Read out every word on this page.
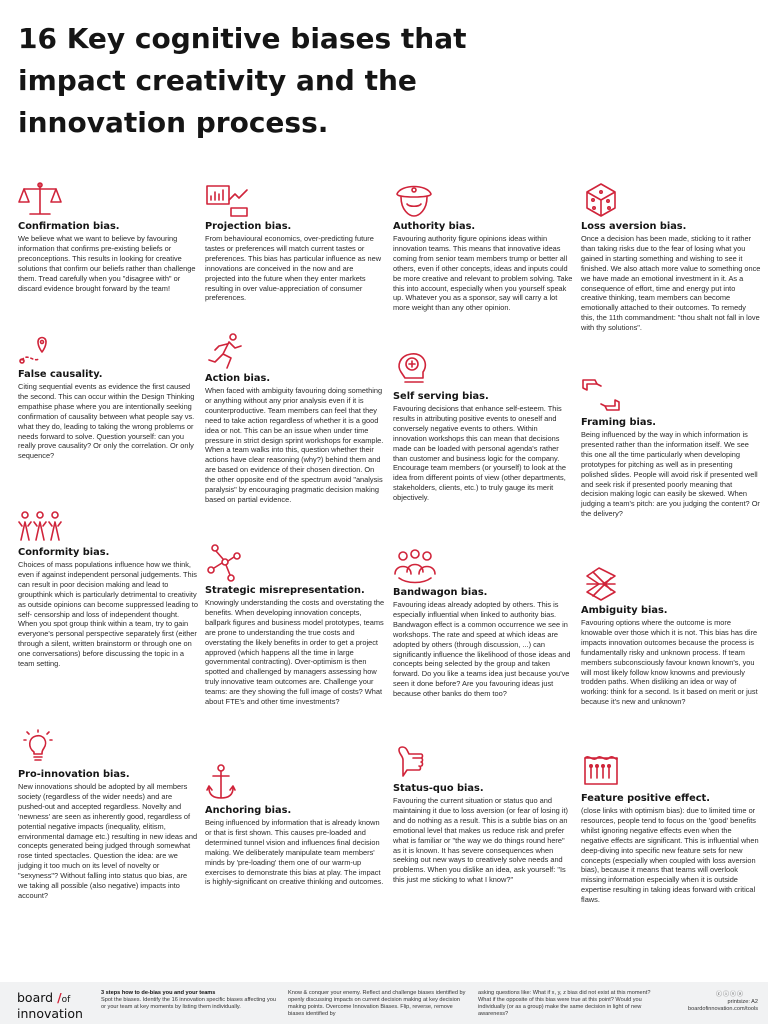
16 Key cognitive biases that impact creativity and the innovation process.
Confirmation bias.

We believe what we want to believe by favouring information that confirms pre-existing beliefs or preconceptions. This results in looking for creative solutions that confirm our beliefs rather than challenge them. Tread carefully when you "disagree with" or discard evidence brought forward by the team!

False causality.

Citing sequential events as evidence the first caused the second. This can occur within the Design Thinking empathise phase where you are intentionally seeking confirmation of causality between what people say vs. what they do, leading to taking the wrong problems or needs forward to solve. Question yourself: can you really prove causality? Or only the correlation. Or only sequence?

Conformity bias.

Choices of mass populations influence how we think, even if against independent personal judgements. This can result in poor decision making and lead to groupthink which is particularly detrimental to creativity as outside opinions can become suppressed leading to self- censorship and loss of independent thought. When you spot group think within a team, try to gain everyone's personal perspective separately first (either through a silent, written brainstorm or through one on one conversations) before discussing the topic in a team setting.

Pro-innovation bias.

New innovations should be adopted by all members society (regardless of the wider needs) and are pushed-out and accepted regardless. Novelty and 'newness' are seen as inherently good, regardless of potential negative impacts (inequality, elitism, environmental damage etc.) resulting in new ideas and concepts generated being judged through somewhat rose tinted spectacles. Question the idea: are we judging it too much on its level of novelty or "sexyness"? Without falling into status quo bias, are we taking all possible (also negative) impacts into account?

Projection bias.

From behavioural economics, over-predicting future tastes or preferences will match current tastes or preferences. This bias has particular influence as new innovations are conceived in the now and are projected into the future when they enter markets resulting in over value-appreciation of consumer preferences.

Action bias.

When faced with ambiguity favouring doing something or anything without any prior analysis even if it is counterproductive. Team members can feel that they need to take action regardless of whether it is a good idea or not. This can be an issue when under time pressure in strict design sprint workshops for example. When a team walks into this, question whether their actions have clear reasoning (why?) behind them and are based on evidence of their chosen direction. On the other opposite end of the spectrum avoid "analysis paralysis" by encouraging pragmatic decision making based on partial evidence.

Strategic misrepresentation.

Knowingly understanding the costs and overstating the benefits. When developing innovation concepts, ballpark figures and business model prototypes, teams are prone to understanding the true costs and overstating the likely benefits in order to get a project approved (which happens all the time in large governmental contracting). Over-optimism is then spotted and challenged by managers assessing how truly innovative team outcomes are. Challenge your teams: are they showing the full image of costs? What about FTE's and other time investments?

Anchoring bias.

Being influenced by information that is already known or that is first shown. This causes pre-loaded and determined tunnel vision and influences final decision making. We deliberately manipulate team members' minds by 'pre-loading' them one of our warm-up exercises to demonstrate this bias at play. The impact is highly-significant on creative thinking and outcomes.

Authority bias.

Favouring authority figure opinions ideas within innovation teams. This means that innovative ideas coming from senior team members trump or better all others, even if other concepts, ideas and inputs could be more creative and relevant to problem solving. Take this into account, especially when you yourself speak up. Whatever you as a sponsor, say will carry a lot more weight than any other opinion.

Self serving bias.

Favouring decisions that enhance self-esteem. This results in attributing positive events to oneself and conversely negative events to others. Within innovation workshops this can mean that decisions made can be loaded with personal agenda's rather than customer and business logic for the company. Encourage team members (or yourself) to look at the idea from different points of view (other departments, stakeholders, clients, etc.) to truly gauge its merit objectively.

Bandwagon bias.

Favouring ideas already adopted by others. This is especially influential when linked to authority bias. Bandwagon effect is a common occurrence we see in workshops. The rate and speed at which ideas are adopted by others (through discussion, ...) can significantly influence the likelihood of those ideas and concepts being selected by the group and taken forward. Do you like a teams idea just because you've seen it done before? Are you favouring ideas just because other banks do them too?

Status-quo bias.

Favouring the current situation or status quo and maintaining it due to loss aversion (or fear of losing it) and do nothing as a result. This is a subtle bias on an emotional level that makes us reduce risk and prefer what is familiar or "the way we do things round here" as it is known. It has severe consequences when seeking out new ways to creatively solve needs and problems. When you dislike an idea, ask yourself: "Is this just me sticking to what I know?"

Loss aversion bias.

Once a decision has been made, sticking to it rather than taking risks due to the fear of losing what you gained in starting something and wishing to see it finished. We also attach more value to something once we have made an emotional investment in it. As a consequence of effort, time and energy put into creative thinking, team members can become emotionally attached to their outcomes. To remedy this, the 11th commandment: "thou shalt not fall in love with thy solutions".

Framing bias.

Being influenced by the way in which information is presented rather than the information itself. We see this one all the time particularly when developing prototypes for pitching as well as in presenting polished slides. People will avoid risk if presented well and seek risk if presented poorly meaning that decision making logic can easily be skewed. When judging a team's pitch: are you judging the content? Or the delivery?

Ambiguity bias.

Favouring options where the outcome is more knowable over those which it is not. This bias has dire impacts innovation outcomes because the process is fundamentally risky and unknown process. If team members subconsciously favour known known's, you will most likely follow know knowns and previously trodden paths. When disliking an idea or way of working: think for a second. Is it based on merit or just because it's new and unknown?

Feature positive effect.

(close links with optimism bias): due to limited time or resources, people tend to focus on the 'good' benefits whilst ignoring negative effects even when the negative effects are significant. This is influential when deep-diving into specific new feature sets for new concepts (especially when coupled with loss aversion bias), because it means that teams will overlook missing information especially when it is outside expertise resulting in taking ideas forward with critical flaws.

board /of
innovation
3 steps how to de-bias you and your teams
Spot the biases. Identify the 16 innovation specific biases affecting you or your team at key moments by listing them individually.
Know & conquer your enemy. Reflect and challenge biases identified by openly discussing impacts on current decision making at key decision making points. Overcome Innovation Biases. Flip, reverse, remove biases identified by
asking questions like: What if x, y, z bias did not exist at this moment? What if the opposite of this bias were true at this point? Would you individually (or as a group) make the same decision in light of new awareness?
ⓒⓘⓢⓐ
printsize: A2
boardofinnovation.com/tools
